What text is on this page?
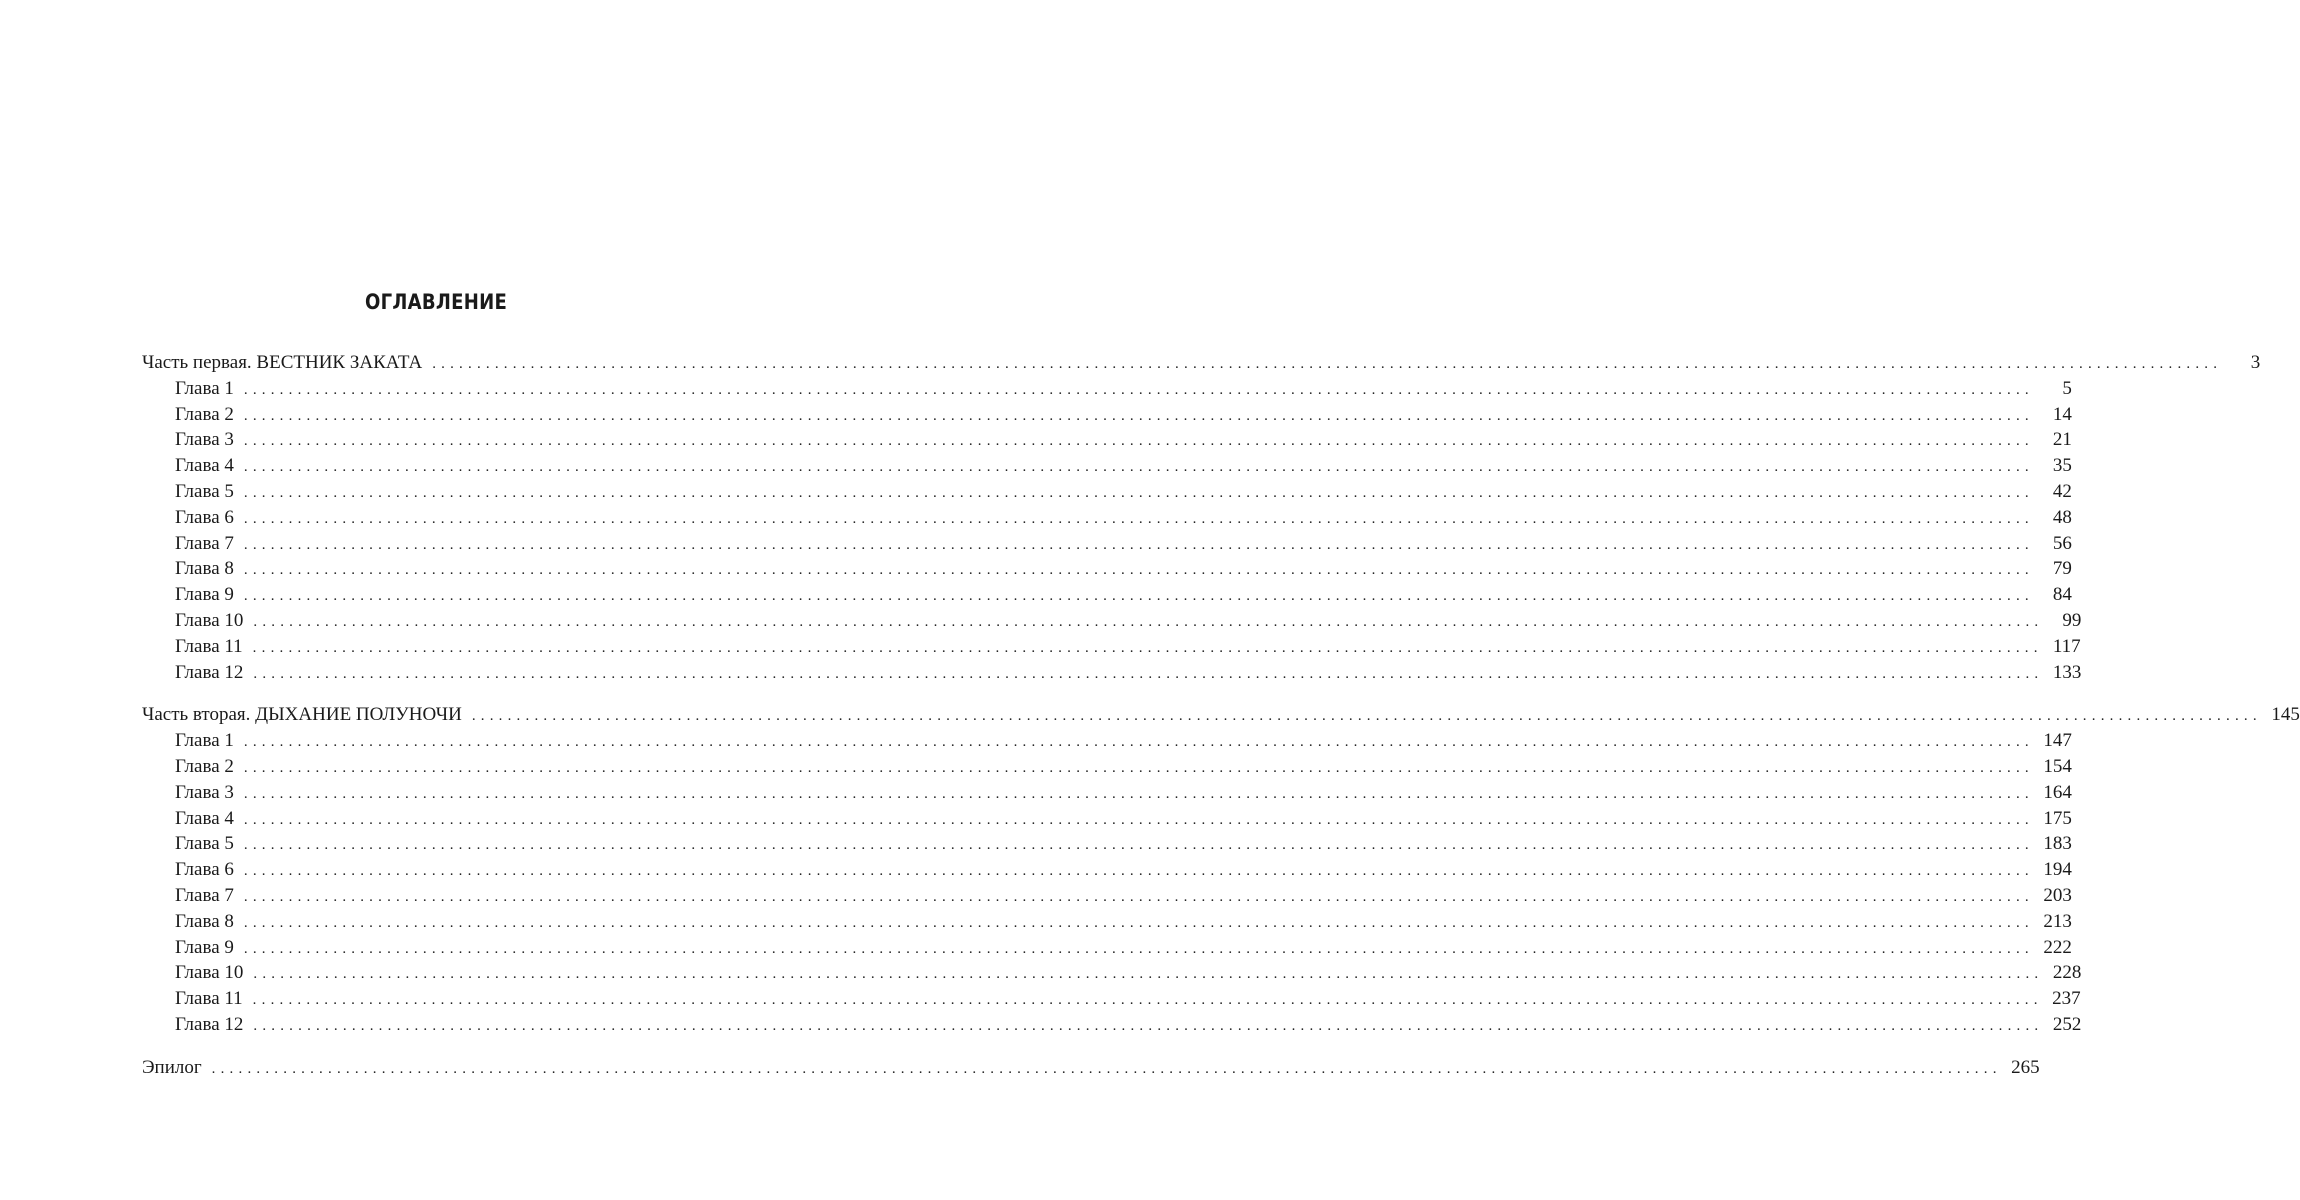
ОГЛАВЛЕНИЕ
Часть первая. ВЕСТНИК ЗАКАТА ........................................................................................................................................................................................................	3
Глава 1 ........................................................................................................................................................................................................	5
Глава 2 ........................................................................................................................................................................................................	14
Глава 3 ........................................................................................................................................................................................................	21
Глава 4 ........................................................................................................................................................................................................	35
Глава 5 ........................................................................................................................................................................................................	42
Глава 6 ........................................................................................................................................................................................................	48
Глава 7 ........................................................................................................................................................................................................	56
Глава 8 ........................................................................................................................................................................................................	79
Глава 9 ........................................................................................................................................................................................................	84
Глава 10 ........................................................................................................................................................................................................	99
Глава 11 ........................................................................................................................................................................................................ 117
Глава 12 ........................................................................................................................................................................................................ 133
Часть вторая. ДЫХАНИЕ ПОЛУНОЧИ ........................................................................................................................................................................................................ 145
Глава 1 ........................................................................................................................................................................................................ 147
Глава 2 ........................................................................................................................................................................................................ 154
Глава 3 ........................................................................................................................................................................................................ 164
Глава 4 ........................................................................................................................................................................................................ 175
Глава 5 ........................................................................................................................................................................................................ 183
Глава 6 ........................................................................................................................................................................................................ 194
Глава 7 ........................................................................................................................................................................................................ 203
Глава 8 ........................................................................................................................................................................................................ 213
Глава 9 ........................................................................................................................................................................................................ 222
Глава 10 ........................................................................................................................................................................................................ 228
Глава 11 ........................................................................................................................................................................................................ 237
Глава 12 ........................................................................................................................................................................................................ 252
Эпилог ........................................................................................................................................................................................................ 265
